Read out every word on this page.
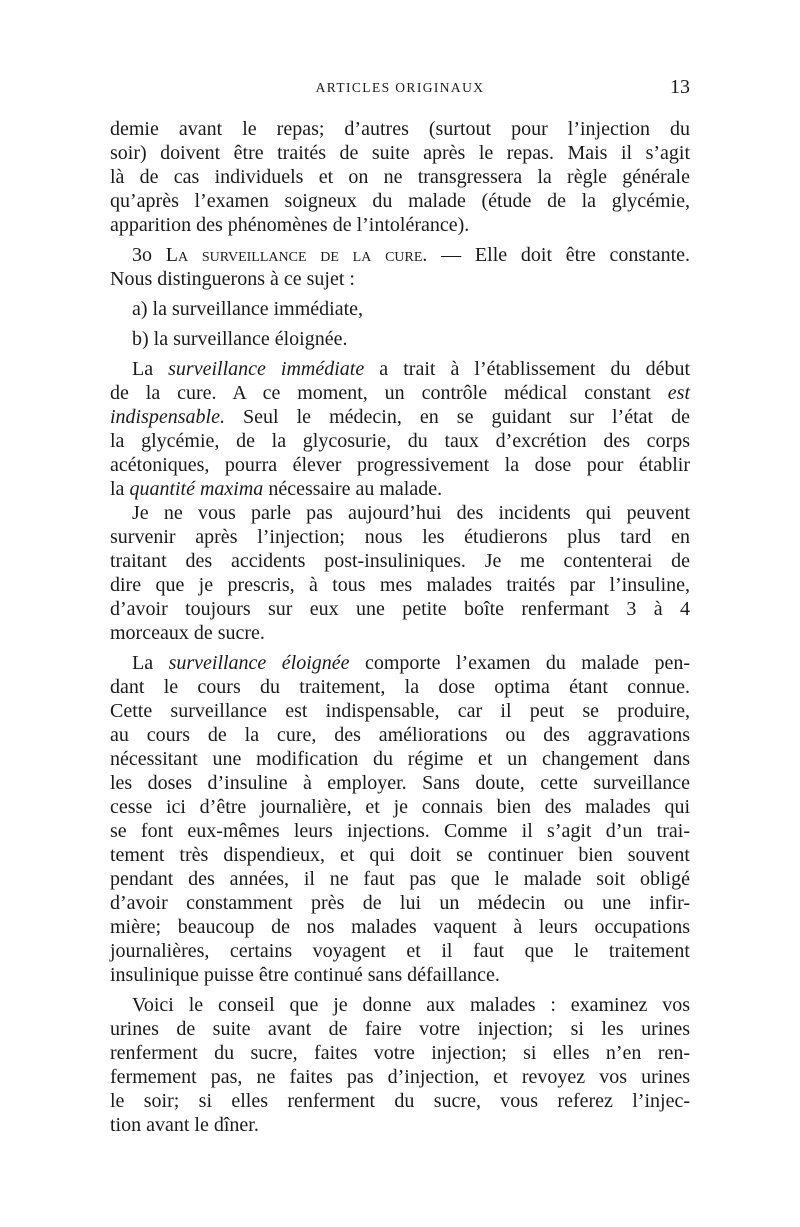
ARTICLES ORIGINAUX	13
demie avant le repas; d’autres (surtout pour l’injection du
soir) doivent être traités de suite après le repas. Mais il s’agit
là de cas individuels et on ne transgressera la règle générale
qu’après l’examen soigneux du malade (étude de la glycémie,
apparition des phénomènes de l’intolérance).
3o La surveillance de la cure. — Elle doit être constante.
Nous distinguerons à ce sujet :
a) la surveillance immédiate,
b) la surveillance éloignée.
La surveillance immédiate a trait à l’établissement du début
de la cure. A ce moment, un contrôle médical constant est
indispensable. Seul le médecin, en se guidant sur l’état de
la glycémie, de la glycosurie, du taux d’excrétion des corps
acétoniques, pourra élever progressivement la dose pour établir
la quantité maxima nécessaire au malade.
Je ne vous parle pas aujourd’hui des incidents qui peuvent
survenir après l’injection; nous les étudierons plus tard en
traitant des accidents post-insuliniques. Je me contenterai de
dire que je prescris, à tous mes malades traités par l’insuline,
d’avoir toujours sur eux une petite boîte renfermant 3 à 4
morceaux de sucre.
La surveillance éloignée comporte l’examen du malade pen-
dant le cours du traitement, la dose optima étant connue.
Cette surveillance est indispensable, car il peut se produire,
au cours de la cure, des améliorations ou des aggravations
nécessitant une modification du régime et un changement dans
les doses d’insuline à employer. Sans doute, cette surveillance
cesse ici d’être journalière, et je connais bien des malades qui
se font eux-mêmes leurs injections. Comme il s’agit d’un trai-
tement très dispendieux, et qui doit se continuer bien souvent
pendant des années, il ne faut pas que le malade soit obligé
d’avoir constamment près de lui un médecin ou une infir-
mière; beaucoup de nos malades vaquent à leurs occupations
journalières, certains voyagent et il faut que le traitement
insulinique puisse être continué sans défaillance.
Voici le conseil que je donne aux malades : examinez vos
urines de suite avant de faire votre injection; si les urines
renferment du sucre, faites votre injection; si elles n’en ren-
fermement pas, ne faites pas d’injection, et revoyez vos urines
le soir; si elles renferment du sucre, vous referez l’injec-
tion avant le dîner.
